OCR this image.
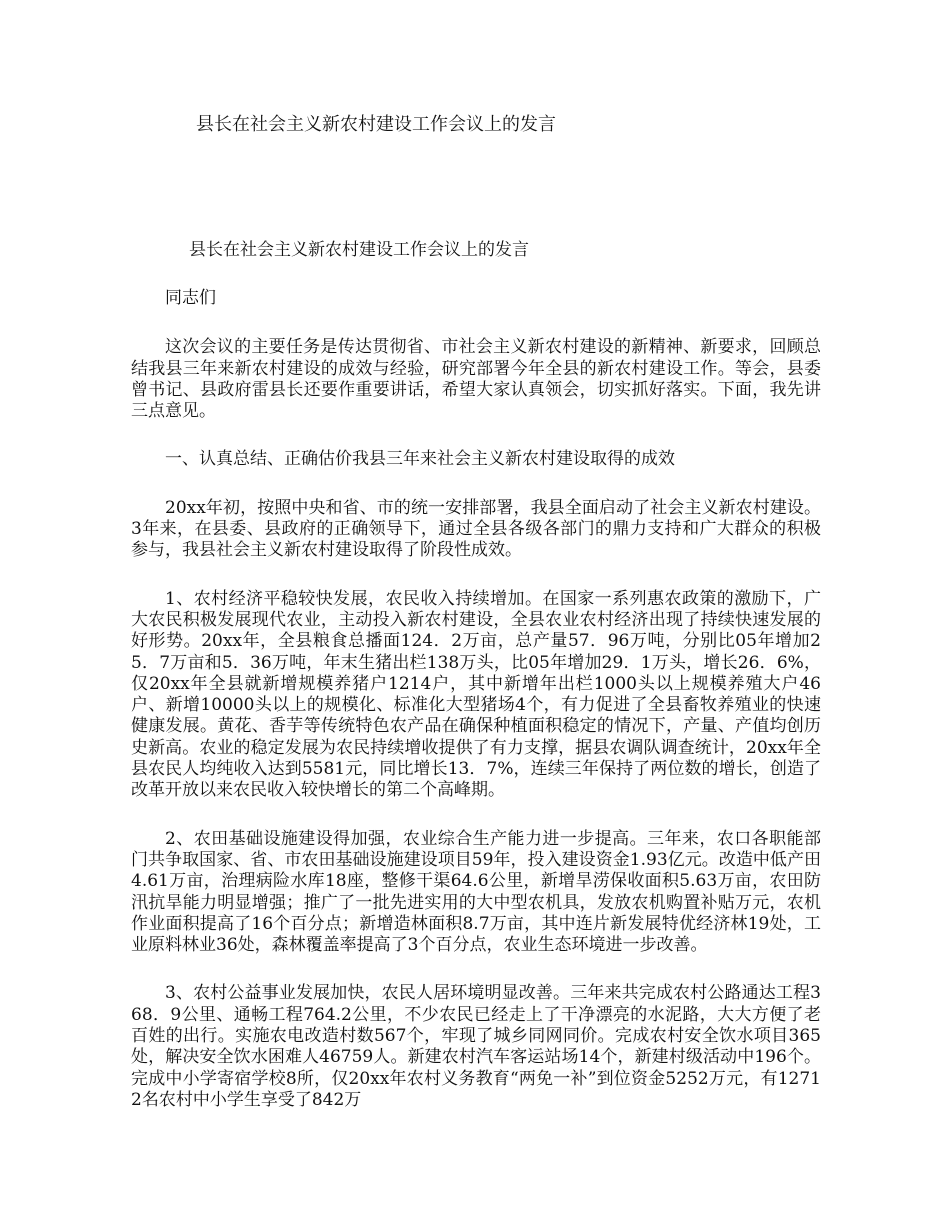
县长在社会主义新农村建设工作会议上的发言
县长在社会主义新农村建设工作会议上的发言

同志们

这次会议的主要任务是传达贯彻省、市社会主义新农村建设的新精神、新要求，回顾总结我县三年来新农村建设的成效与经验，研究部署今年全县的新农村建设工作。等会，县委曾书记、县政府雷县长还要作重要讲话，希望大家认真领会，切实抓好落实。下面，我先讲三点意见。

一、认真总结、正确估价我县三年来社会主义新农村建设取得的成效

20xx年初，按照中央和省、市的统一安排部署，我县全面启动了社会主义新农村建设。3年来，在县委、县政府的正确领导下，通过全县各级各部门的鼎力支持和广大群众的积极参与，我县社会主义新农村建设取得了阶段性成效。

1、农村经济平稳较快发展，农民收入持续增加。在国家一系列惠农政策的激励下，广大农民积极发展现代农业，主动投入新农村建设，全县农业农村经济出现了持续快速发展的好形势。20xx年，全县粮食总播面124．2万亩，总产量57．96万吨，分别比05年增加25．7万亩和5．36万吨，年末生猪出栏138万头，比05年增加29．1万头，增长26．6%，仅20xx年全县就新增规模养猪户1214户，其中新增年出栏1000头以上规模养殖大户46户、新增10000头以上的规模化、标准化大型猪场4个，有力促进了全县畜牧养殖业的快速健康发展。黄花、香芋等传统特色农产品在确保种植面积稳定的情况下，产量、产值均创历史新高。农业的稳定发展为农民持续增收提供了有力支撑，据县农调队调查统计，20xx年全县农民人均纯收入达到5581元，同比增长13．7%，连续三年保持了两位数的增长，创造了改革开放以来农民收入较快增长的第二个高峰期。

2、农田基础设施建设得加强，农业综合生产能力进一步提高。三年来，农口各职能部门共争取国家、省、市农田基础设施建设项目59年，投入建设资金1.93亿元。改造中低产田4.61万亩，治理病险水库18座，整修干渠64.6公里，新增旱涝保收面积5.63万亩，农田防汛抗旱能力明显增强；推广了一批先进实用的大中型农机具，发放农机购置补贴万元，农机作业面积提高了16个百分点；新增造林面积8.7万亩，其中连片新发展特优经济林19处，工业原料林业36处，森林覆盖率提高了3个百分点，农业生态环境进一步改善。

3、农村公益事业发展加快，农民人居环境明显改善。三年来共完成农村公路通达工程368．9公里、通畅工程764.2公里，不少农民已经走上了干净漂亮的水泥路，大大方便了老百姓的出行。实施农电改造村数567个，牢现了城乡同网同价。完成农村安全饮水项目365处，解决安全饮水困难人46759人。新建农村汽车客运站场14个，新建村级活动中196个。完成中小学寄宿学校8所，仅20xx年农村义务教育“两免一补”到位资金5252万元，有12712名农村中小学生享受了842万
